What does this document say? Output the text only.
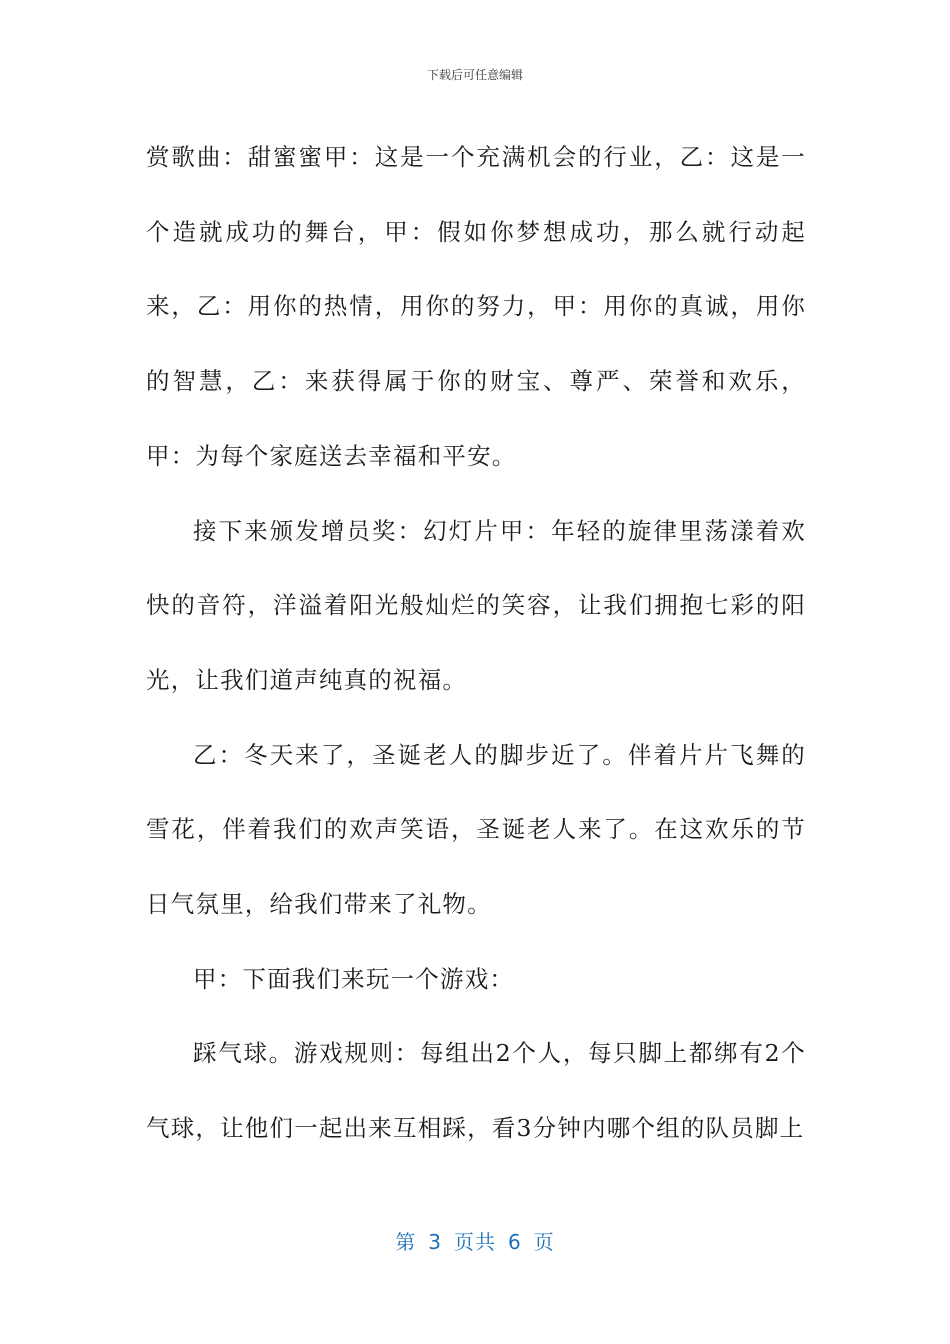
下载后可任意编辑

赏歌曲：甜蜜蜜甲：这是一个充满机会的行业，乙：这是一个造就成功的舞台，甲：假如你梦想成功，那么就行动起来，乙：用你的热情，用你的努力，甲：用你的真诚，用你的智慧，乙：来获得属于你的财宝、尊严、荣誉和欢乐，甲：为每个家庭送去幸福和平安。

接下来颁发增员奖：幻灯片甲：年轻的旋律里荡漾着欢快的音符，洋溢着阳光般灿烂的笑容，让我们拥抱七彩的阳光，让我们道声纯真的祝福。

乙：冬天来了，圣诞老人的脚步近了。伴着片片飞舞的雪花，伴着我们的欢声笑语，圣诞老人来了。在这欢乐的节日气氛里，给我们带来了礼物。

甲：下面我们来玩一个游戏：

踩气球。游戏规则：每组出2个人，每只脚上都绑有2个气球，让他们一起出来互相踩，看3分钟内哪个组的队员脚上

第 3 页共 6 页
